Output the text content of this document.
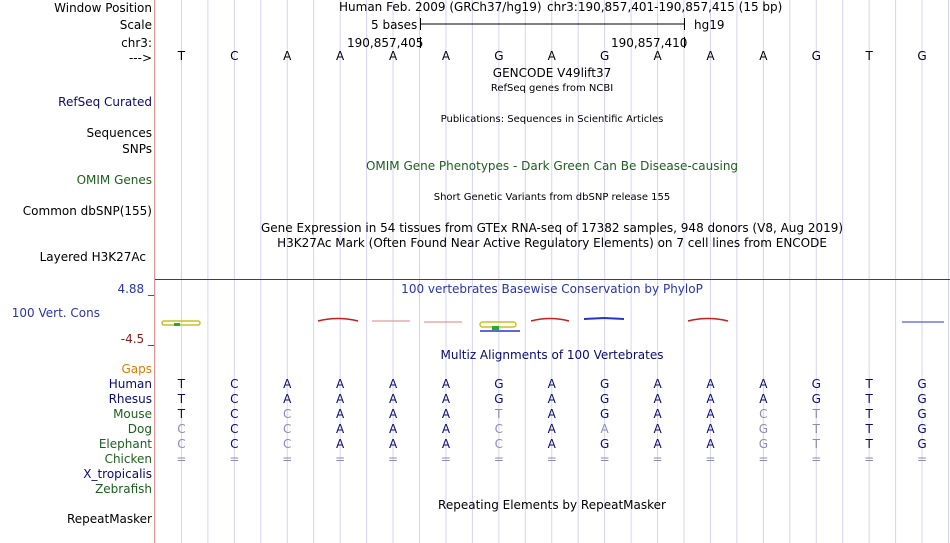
Window Position
Scale
chr3:
--->
Human Feb. 2009 (GRCh37/hg19) chr3:190,857,401-190,857,415 (15 bp)
5 bases	hg19
190,857,405	190,857,410
T	C	A	A	A	A	G	A	G	A	A	A	G	T	G
GENCODE V49lift37
RefSeq genes from NCBI
Publications: Sequences in Scientific Articles
OMIM Gene Phenotypes - Dark Green Can Be Disease-causing
Short Genetic Variants from dbSNP release 155
Gene Expression in 54 tissues from GTEx RNA-seq of 17382 samples, 948 donors (V8, Aug 2019)
H3K27Ac Mark (Often Found Near Active Regulatory Elements) on 7 cell lines from ENCODE
100 vertebrates Basewise Conservation by PhyloP
Multiz Alignments of 100 Vertebrates
Repeating Elements by RepeatMasker
RefSeq Curated
Sequences
SNPs
OMIM Genes
Common dbSNP(155)
Layered H3K27Ac
4.88 _
100 Vert. Cons
-4.5 _
Gaps
RepeatMasker
Human T	C	A	A	A	A	G	A	G	A	A	A	G	T	G
Rhesus T	C	A	A	A	A	G	A	G	A	A	A	G	T	G
Mouse T	C	C	A	A	A	T	A	G	A	A	C	T	T	G
Dog C	C	C	A	A	A	C	A	A	A	A	G	T	T	G
Elephant C	C	C	A	A	A	C	A	G	A	A	G	T	T	G
Chicken =	=	=	=	=	=	=	=	=	=	=	=	=	=	=
X_tropicalis
Zebrafish
